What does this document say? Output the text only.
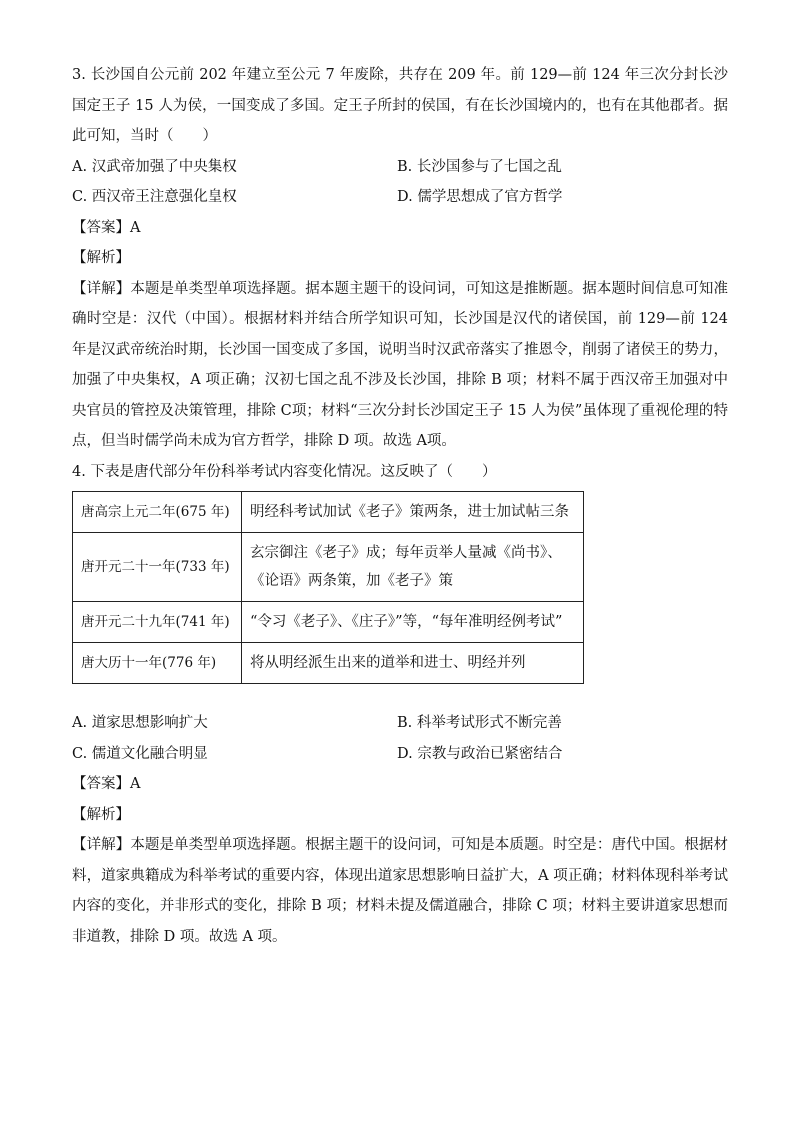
3. 长沙国自公元前 202 年建立至公元 7 年废除，共存在 209 年。前 129—前 124 年三次分封长沙国定王子 15 人为侯，一国变成了多国。定王子所封的侯国，有在长沙国境内的，也有在其他郡者。据此可知，当时（　　）

A. 汉武帝加强了中央集权	B. 长沙国参与了七国之乱
C. 西汉帝王注意强化皇权	D. 儒学思想成了官方哲学

【答案】A

【解析】

【详解】本题是单类型单项选择题。据本题主题干的设问词，可知这是推断题。据本题时间信息可知准确时空是：汉代（中国）。根据材料并结合所学知识可知，长沙国是汉代的诸侯国，前 129—前 124 年是汉武帝统治时期，长沙国一国变成了多国，说明当时汉武帝落实了推恩令，削弱了诸侯王的势力，加强了中央集权，A 项正确；汉初七国之乱不涉及长沙国，排除 B 项；材料不属于西汉帝王加强对中央官员的管控及决策管理，排除 C项；材料“三次分封长沙国定王子 15 人为侯”虽体现了重视伦理的特点，但当时儒学尚未成为官方哲学，排除 D 项。故选 A项。

4. 下表是唐代部分年份科举考试内容变化情况。这反映了（　　）

唐高宗上元二年(675 年)	明经科考试加试《老子》策两条，进士加试帖三条
唐开元二十一年(733 年)	玄宗御注《老子》成；每年贡举人量减《尚书》、《论语》两条策，加《老子》策
唐开元二十九年(741 年)	“令习《老子》、《庄子》”等，“每年准明经例考试”
唐大历十一年(776 年)	将从明经派生出来的道举和进士、明经并列
A. 道家思想影响扩大	B. 科举考试形式不断完善
C. 儒道文化融合明显	D. 宗教与政治已紧密结合

【答案】A

【解析】

【详解】本题是单类型单项选择题。根据主题干的设问词，可知是本质题。时空是：唐代中国。根据材料，道家典籍成为科举考试的重要内容，体现出道家思想影响日益扩大，A 项正确；材料体现科举考试内容的变化，并非形式的变化，排除 B 项；材料未提及儒道融合，排除 C 项；材料主要讲道家思想而非道教，排除 D 项。故选 A 项。
